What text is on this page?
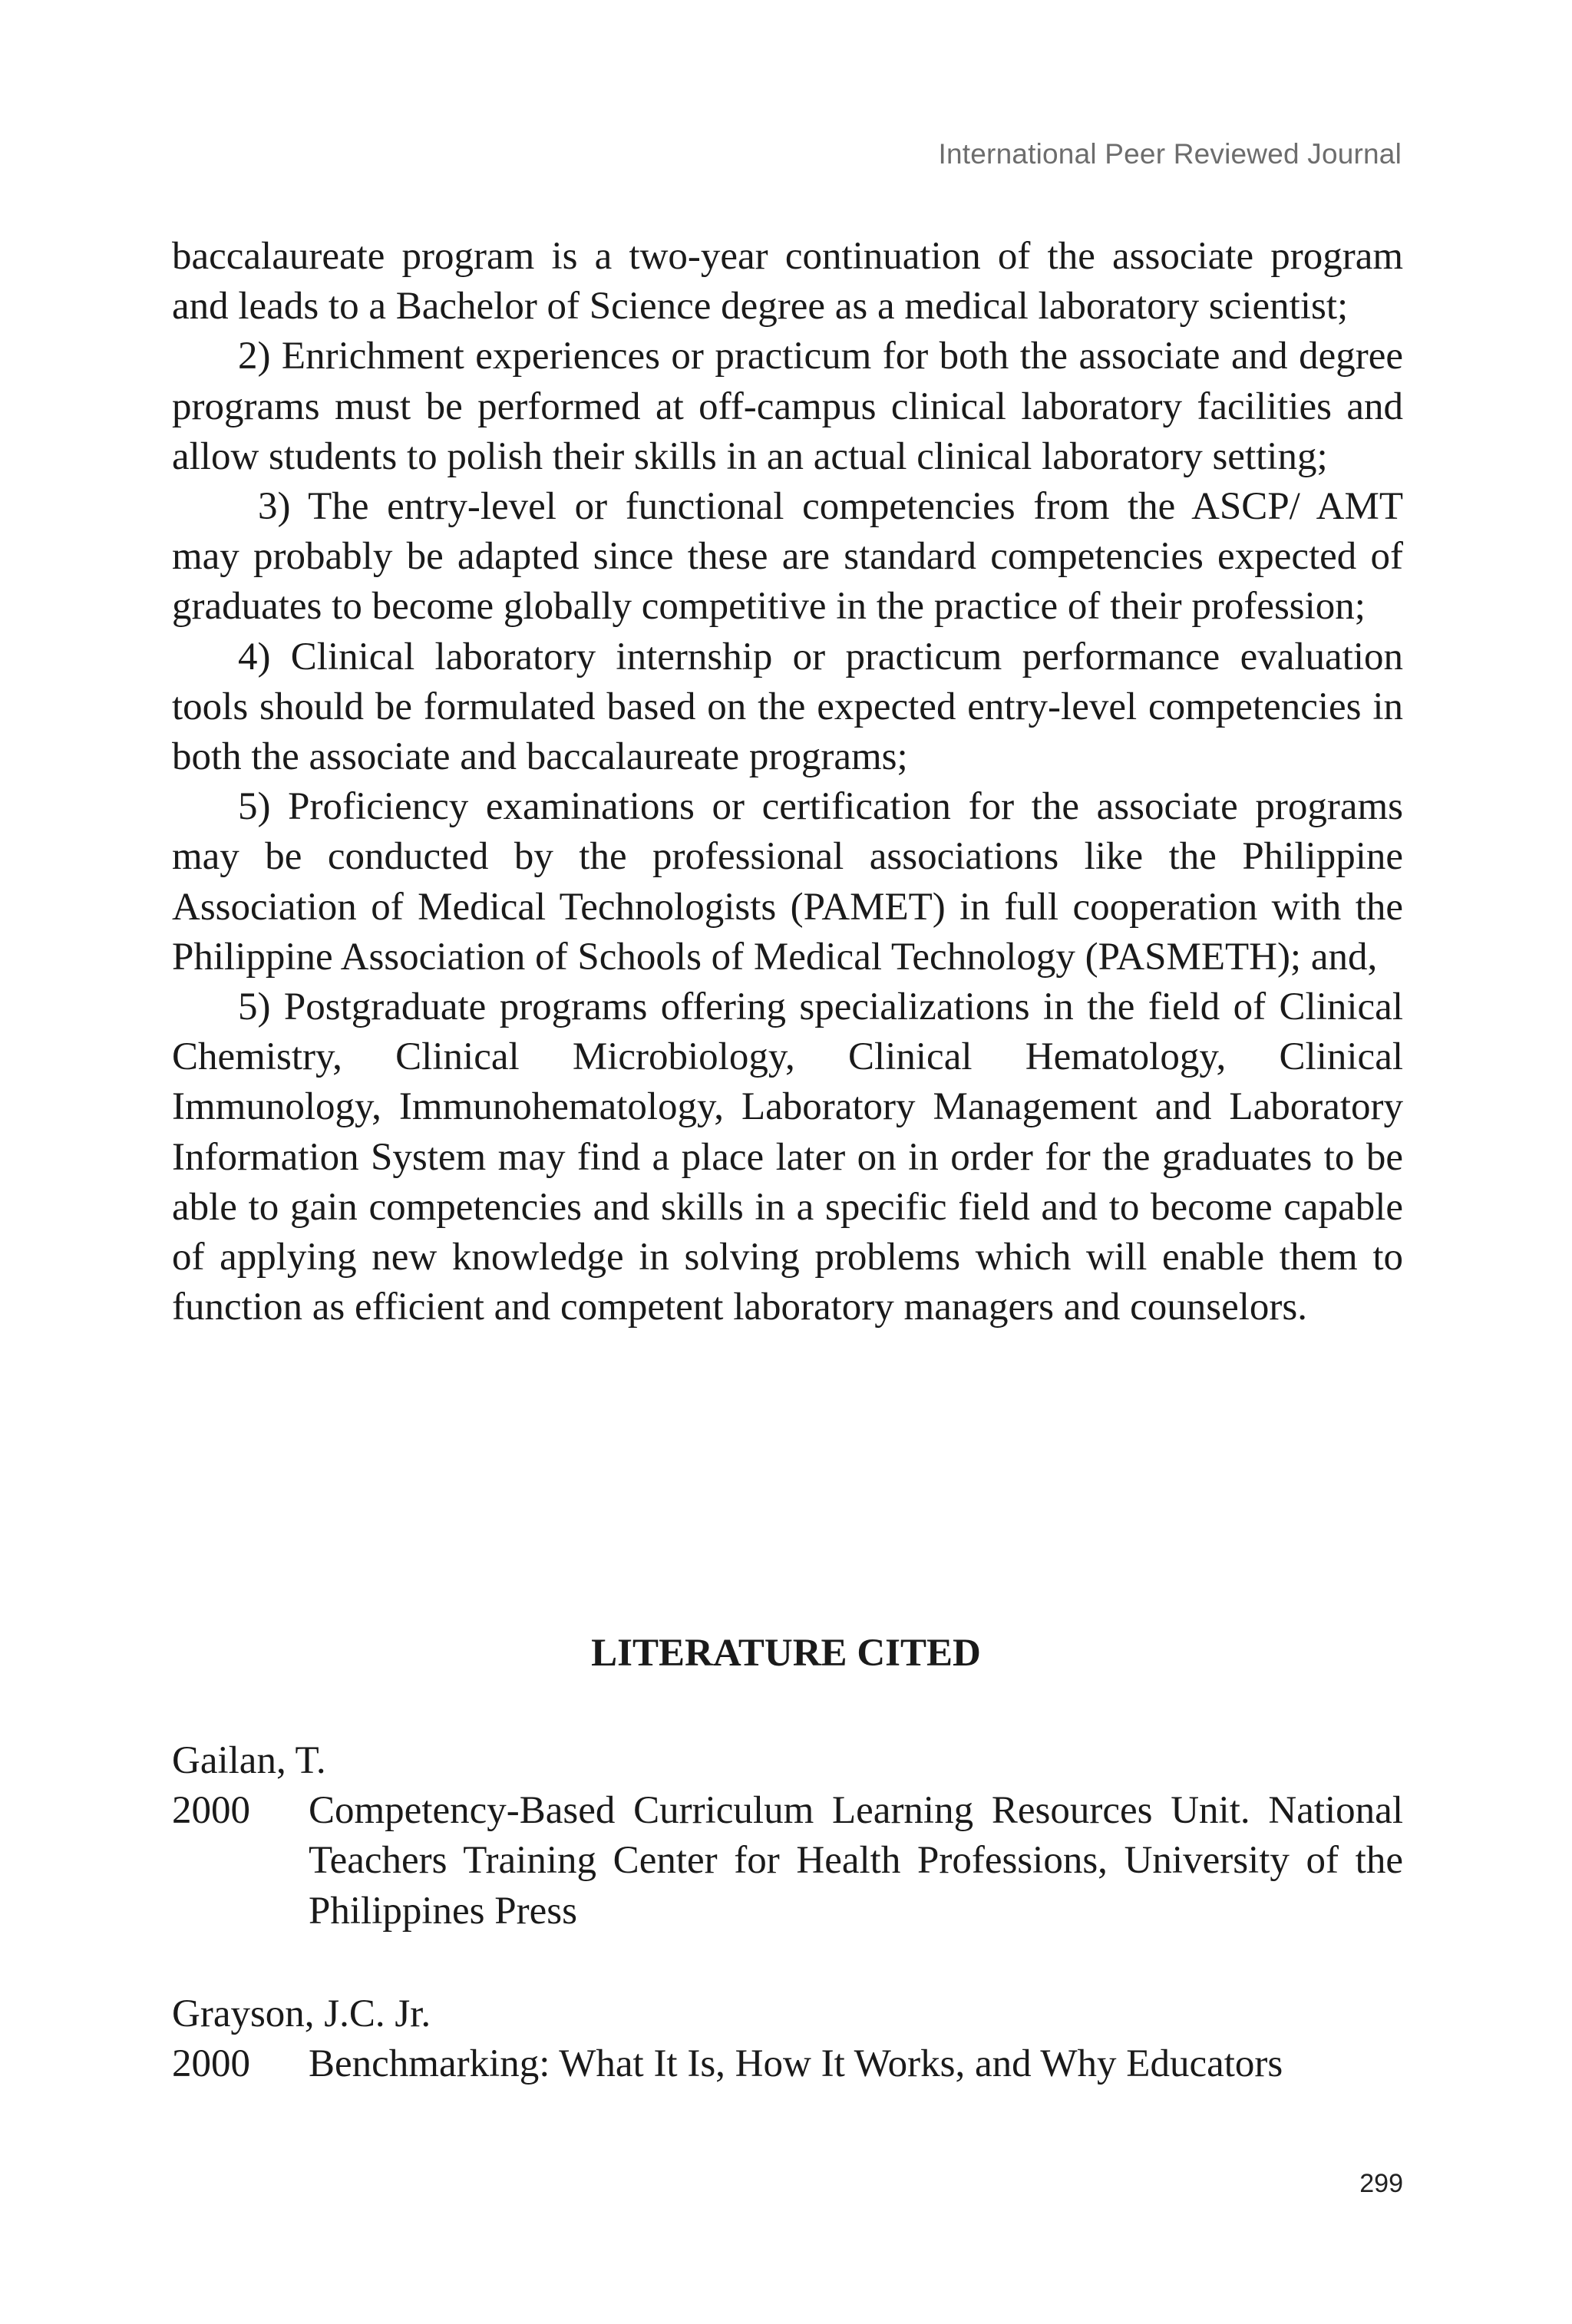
International Peer Reviewed Journal

baccalaureate program is a two-year continuation of the associate program and leads to a Bachelor of Science degree as a medical laboratory scientist;

2) Enrichment experiences or practicum for both the associate and degree programs must be performed at off-campus clinical laboratory facilities and allow students to polish their skills in an actual clinical laboratory setting;

3) The entry-level or functional competencies from the ASCP/ AMT may probably be adapted since these are standard competencies expected of graduates to become globally competitive in the practice of their profession;

4) Clinical laboratory internship or practicum performance evaluation tools should be formulated based on the expected entry-level competencies in both the associate and baccalaureate programs;

5) Proficiency examinations or certification for the associate programs may be conducted by the professional associations like the Philippine Association of Medical Technologists (PAMET) in full cooperation with the Philippine Association of Schools of Medical Technology (PASMETH); and,

5) Postgraduate programs offering specializations in the field of Clinical Chemistry, Clinical Microbiology, Clinical Hematology, Clinical Immunology, Immunohematology, Laboratory Management and Laboratory Information System may find a place later on in order for the graduates to be able to gain competencies and skills in a specific field and to become capable of applying new knowledge in solving problems which will enable them to function as efficient and competent laboratory managers and counselors.

LITERATURE CITED
Gailan, T.
2000	Competency-Based Curriculum Learning Resources Unit. National Teachers Training Center for Health Professions, University of the Philippines Press
Grayson, J.C. Jr.
2000	Benchmarking: What It Is, How It Works, and Why Educators

299
